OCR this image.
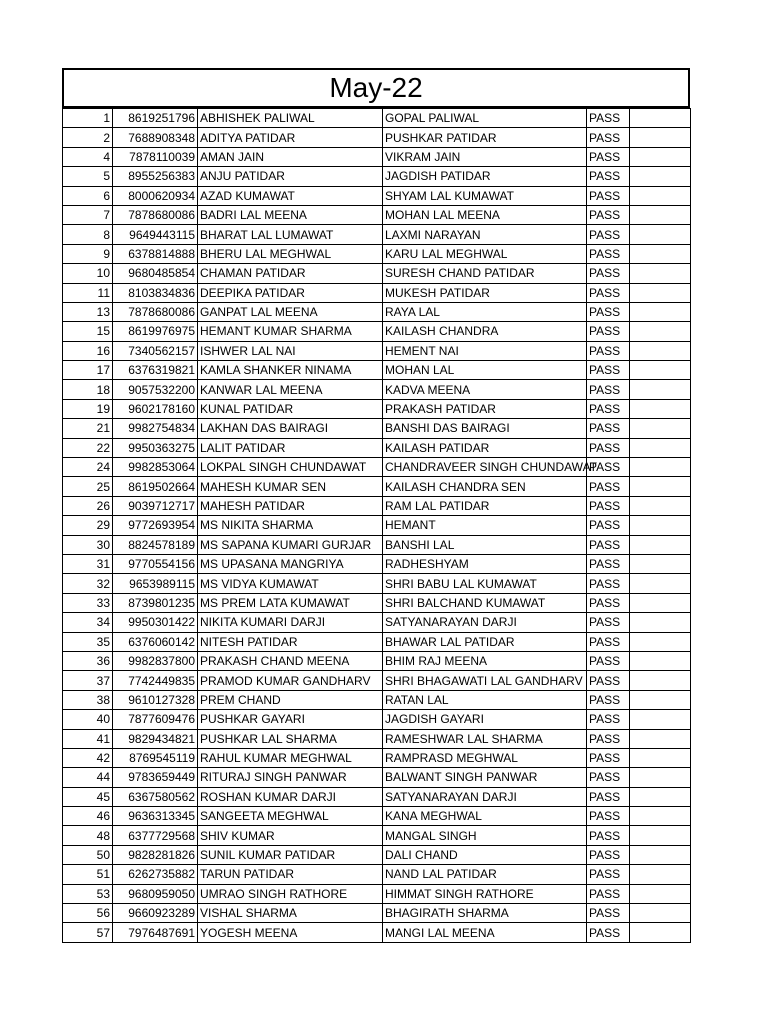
May-22
1	8619251796	ABHISHEK PALIWAL	GOPAL PALIWAL	PASS	
2	7688908348	ADITYA PATIDAR	PUSHKAR PATIDAR	PASS	
4	7878110039	AMAN JAIN	VIKRAM JAIN	PASS	
5	8955256383	ANJU PATIDAR	JAGDISH PATIDAR	PASS	
6	8000620934	AZAD KUMAWAT	SHYAM LAL KUMAWAT	PASS	
7	7878680086	BADRI LAL MEENA	MOHAN LAL MEENA	PASS	
8	9649443115	BHARAT LAL LUMAWAT	LAXMI NARAYAN	PASS	
9	6378814888	BHERU LAL MEGHWAL	KARU LAL MEGHWAL	PASS	
10	9680485854	CHAMAN PATIDAR	SURESH CHAND PATIDAR	PASS	
11	8103834836	DEEPIKA PATIDAR	MUKESH PATIDAR	PASS	
13	7878680086	GANPAT LAL MEENA	RAYA LAL	PASS	
15	8619976975	HEMANT KUMAR SHARMA	KAILASH CHANDRA	PASS	
16	7340562157	ISHWER LAL NAI	HEMENT NAI	PASS	
17	6376319821	KAMLA SHANKER NINAMA	MOHAN LAL	PASS	
18	9057532200	KANWAR LAL MEENA	KADVA MEENA	PASS	
19	9602178160	KUNAL PATIDAR	PRAKASH PATIDAR	PASS	
21	9982754834	LAKHAN DAS BAIRAGI	BANSHI DAS BAIRAGI	PASS	
22	9950363275	LALIT PATIDAR	KAILASH PATIDAR	PASS	
24	9982853064	LOKPAL SINGH CHUNDAWAT	CHANDRAVEER SINGH CHUNDAWAT	PASS	
25	8619502664	MAHESH KUMAR SEN	KAILASH CHANDRA SEN	PASS	
26	9039712717	MAHESH PATIDAR	RAM LAL PATIDAR	PASS	
29	9772693954	MS NIKITA SHARMA	HEMANT	PASS	
30	8824578189	MS SAPANA KUMARI GURJAR	BANSHI LAL	PASS	
31	9770554156	MS UPASANA MANGRIYA	RADHESHYAM	PASS	
32	9653989115	MS VIDYA KUMAWAT	SHRI BABU LAL KUMAWAT	PASS	
33	8739801235	MS PREM LATA KUMAWAT	SHRI BALCHAND KUMAWAT	PASS	
34	9950301422	NIKITA KUMARI DARJI	SATYANARAYAN DARJI	PASS	
35	6376060142	NITESH PATIDAR	BHAWAR LAL PATIDAR	PASS	
36	9982837800	PRAKASH CHAND MEENA	BHIM RAJ MEENA	PASS	
37	7742449835	PRAMOD KUMAR GANDHARV	SHRI BHAGAWATI LAL GANDHARV	PASS	
38	9610127328	PREM CHAND	RATAN LAL	PASS	
40	7877609476	PUSHKAR GAYARI	JAGDISH GAYARI	PASS	
41	9829434821	PUSHKAR LAL SHARMA	RAMESHWAR LAL SHARMA	PASS	
42	8769545119	RAHUL KUMAR MEGHWAL	RAMPRASD MEGHWAL	PASS	
44	9783659449	RITURAJ SINGH PANWAR	BALWANT SINGH PANWAR	PASS	
45	6367580562	ROSHAN KUMAR DARJI	SATYANARAYAN DARJI	PASS	
46	9636313345	SANGEETA MEGHWAL	KANA MEGHWAL	PASS	
48	6377729568	SHIV KUMAR	MANGAL SINGH	PASS	
50	9828281826	SUNIL KUMAR PATIDAR	DALI CHAND	PASS	
51	6262735882	TARUN PATIDAR	NAND LAL PATIDAR	PASS	
53	9680959050	UMRAO SINGH RATHORE	HIMMAT SINGH RATHORE	PASS	
56	9660923289	VISHAL SHARMA	BHAGIRATH SHARMA	PASS	
57	7976487691	YOGESH MEENA	MANGI LAL MEENA	PASS	
